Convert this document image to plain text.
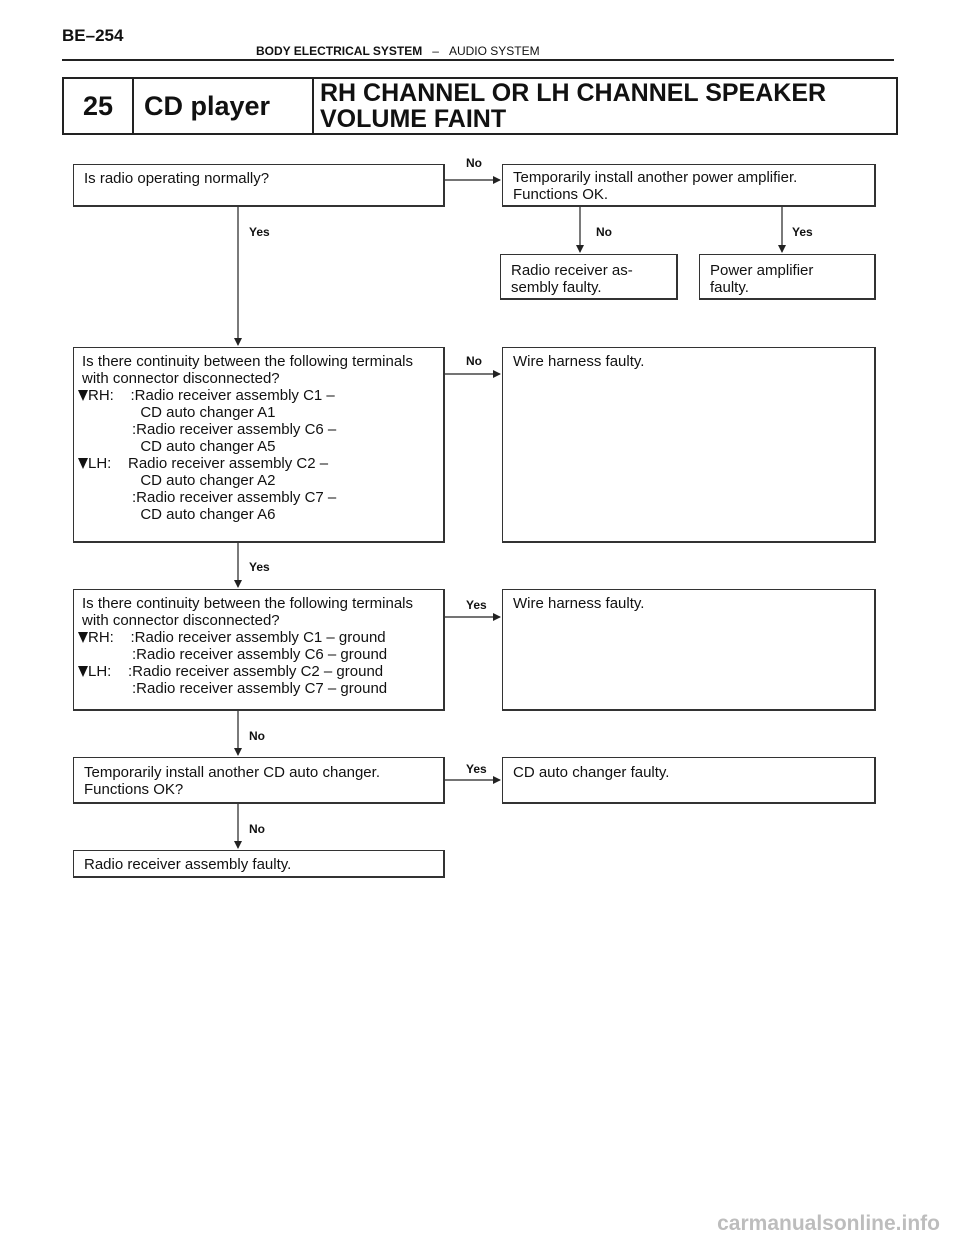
BE–254
BODY ELECTRICAL SYSTEM – AUDIO SYSTEM
25	CD player	RH CHANNEL OR LH CHANNEL SPEAKER
VOLUME FAINT
No
No	Yes
Yes
No
Yes
Yes
No
Yes
No
Is radio operating normally?	Temporarily install another power amplifier.
Functions OK.
Radio receiver as-
sembly faulty.
Power amplifier
faulty.
Is there continuity between the following terminals
with connector disconnected?
RH:    :Radio receiver assembly C1 –
CD auto changer A1
:Radio receiver assembly C6 –
CD auto changer A5
LH:    Radio receiver assembly C2 –
CD auto changer A2
:Radio receiver assembly C7 –
CD auto changer A6
Wire harness faulty.
Is there continuity between the following terminals
with connector disconnected?
RH:    :Radio receiver assembly C1 – ground
:Radio receiver assembly C6 – ground
LH:    :Radio receiver assembly C2 – ground
:Radio receiver assembly C7 – ground
Wire harness faulty.
Temporarily install another CD auto changer.
Functions OK?
CD auto changer faulty.
Radio receiver assembly faulty.
carmanualsonline.info
